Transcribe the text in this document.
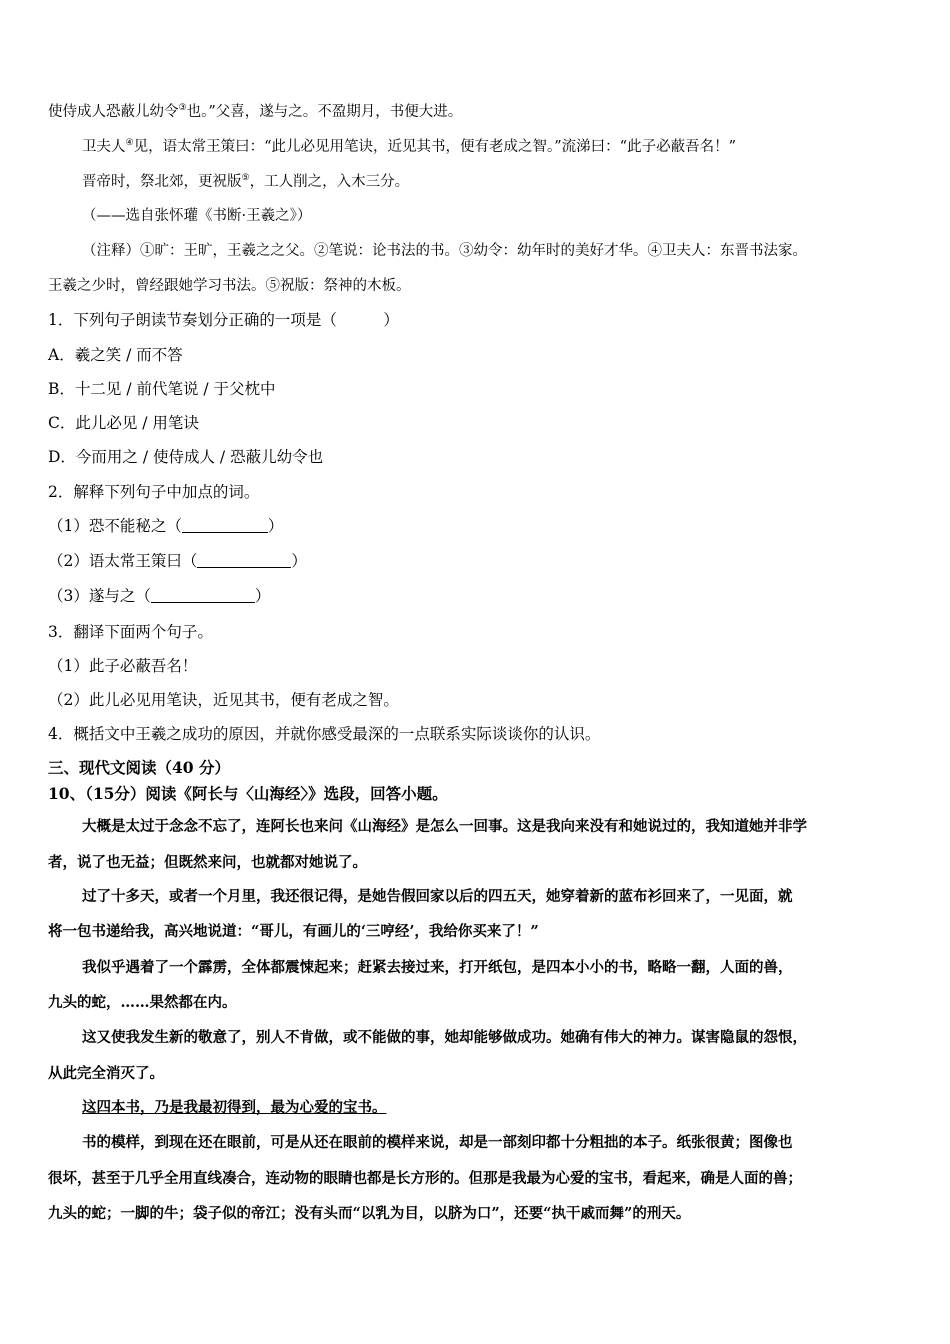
使侍成人恐蔽儿幼令③也。”父喜，遂与之。不盈期月，书便大进。
卫夫人④见，语太常王策曰：“此儿必见用笔诀，近见其书，便有老成之智。”流涕曰：“此子必蔽吾名！”
晋帝时，祭北郊，更祝版⑤，工人削之，入木三分。
（——选自张怀瓘《书断·王羲之》）
（注释）①旷：王旷，王羲之之父。②笔说：论书法的书。③幼令：幼年时的美好才华。④卫夫人：东晋书法家。
王羲之少时，曾经跟她学习书法。⑤祝版：祭神的木板。
1．下列句子朗读节奏划分正确的一项是（　　　）
A．羲之笑 / 而不答
B．十二见 / 前代笔说 / 于父枕中
C．此儿必见 / 用笔诀
D．今而用之 / 使侍成人 / 恐蔽儿幼令也
2．解释下列句子中加点的词。
（1）恐不能秘之（	）
（2）语太常王策曰（	）
（3）遂与之（	）
3．翻译下面两个句子。
（1）此子必蔽吾名！
（2）此儿必见用笔诀，近见其书，便有老成之智。
4．概括文中王羲之成功的原因，并就你感受最深的一点联系实际谈谈你的认识。
三、现代文阅读（40 分）
10、（15分）阅读《阿长与〈山海经〉》选段，回答小题。
大概是太过于念念不忘了，连阿长也来问《山海经》是怎么一回事。这是我向来没有和她说过的，我知道她并非学
者，说了也无益；但既然来问，也就都对她说了。
过了十多天，或者一个月里，我还很记得，是她告假回家以后的四五天，她穿着新的蓝布衫回来了，一见面，就
将一包书递给我，高兴地说道：“哥儿，有画儿的‘三哼经’，我给你买来了！”
我似乎遇着了一个霹雳，全体都震悚起来；赶紧去接过来，打开纸包，是四本小小的书，略略一翻，人面的兽，
九头的蛇，……果然都在内。
这又使我发生新的敬意了，别人不肯做，或不能做的事，她却能够做成功。她确有伟大的神力。谋害隐鼠的怨恨，
从此完全消灭了。
这四本书，乃是我最初得到，最为心爱的宝书。
书的模样，到现在还在眼前，可是从还在眼前的模样来说，却是一部刻印都十分粗拙的本子。纸张很黄；图像也
很坏，甚至于几乎全用直线凑合，连动物的眼睛也都是长方形的。但那是我最为心爱的宝书，看起来，确是人面的兽；
九头的蛇；一脚的牛；袋子似的帝江；没有头而“以乳为目，以脐为口”，还要“执干戚而舞”的刑天。
